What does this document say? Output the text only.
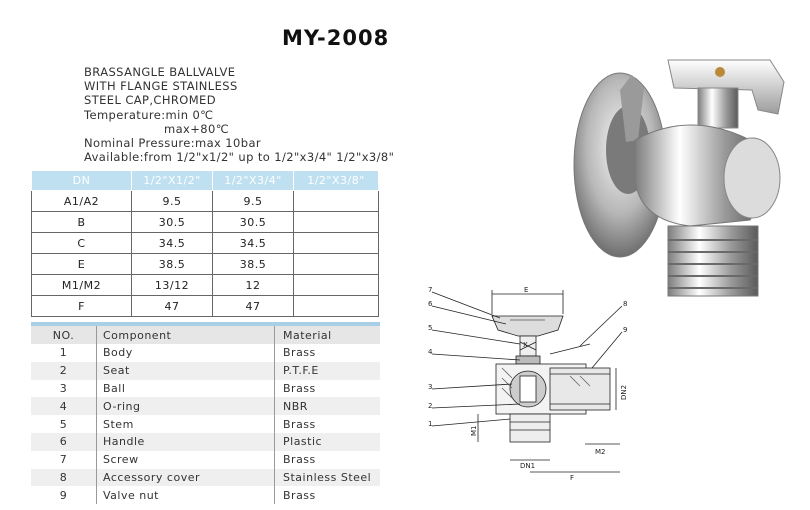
MY-2008
BRASSANGLE BALLVALVE
WITH FLANGE STAINLESS
STEEL CAP,CHROMED
Temperature:min 0℃
max+80℃
Nominal Pressure:max 10bar
Available:from 1/2"x1/2" up to 1/2"x3/4" 1/2"x3/8"
DN	1/2"X1/2"	1/2"X3/4"	1/2"X3/8"
A1/A2	9.5	9.5	
B	30.5	30.5	
C	34.5	34.5	
E	38.5	38.5	
M1/M2	13/12	12	
F	47	47	
NO.	Component	Material
1	Body	Brass
2	Seat	P.T.F.E
3	Ball	Brass
4	O-ring	NBR
5	Stem	Brass
6	Handle	Plastic
7	Screw	Brass
8	Accessory cover	Stainless Steel
9	Valve nut	Brass
7
6
5
4
3
2
1
8
9
E
X
DN2
M1
M2
DN1
F
